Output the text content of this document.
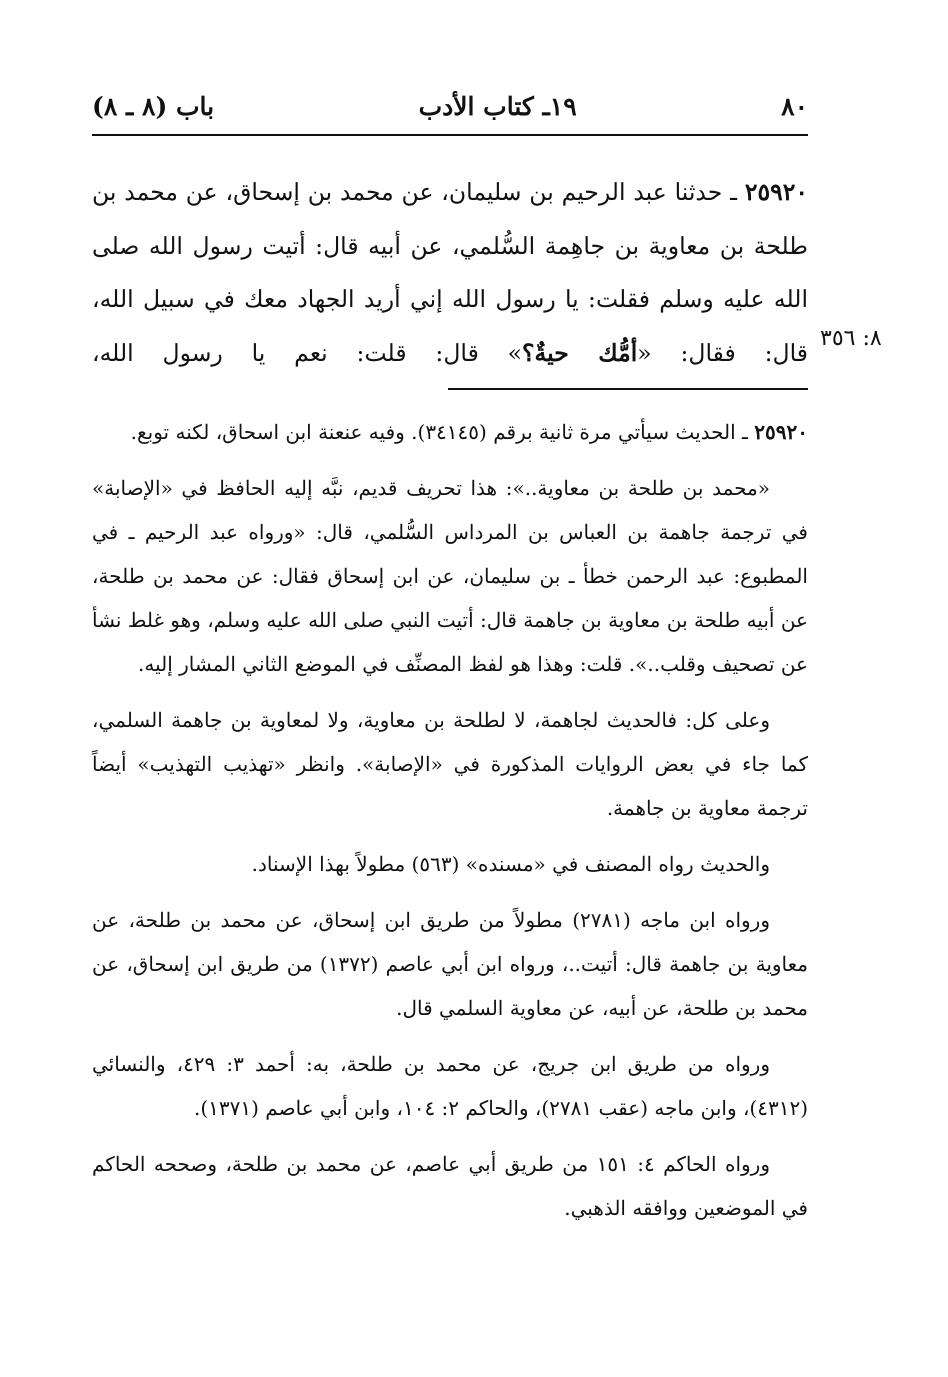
٨٠
١٩ـ كتاب الأدب
باب (٨ ـ ٨)

٢٥٩٢٠ ـ حدثنا عبد الرحيم بن سليمان، عن محمد بن إسحاق، عن محمد بن طلحة بن معاوية بن جاهِمة السُّلمي، عن أبيه قال: أتيت رسول الله صلى الله عليه وسلم فقلت: يا رسول الله إني أريد الجهاد معك في سبيل الله، قال: فقال: «أمُّك حيةٌ؟» قال: قلت: نعم يا رسول الله،	٨: ٣٥٦

٢٥٩٢٠ ـ الحديث سيأتي مرة ثانية برقم (٣٤١٤٥). وفيه عنعنة ابن اسحاق، لكنه توبع.

«محمد بن طلحة بن معاوية..»: هذا تحريف قديم، نبَّه إليه الحافظ في «الإصابة» في ترجمة جاهمة بن العباس بن المرداس السُّلمي، قال: «ورواه عبد الرحيم ـ في المطبوع: عبد الرحمن خطأ ـ بن سليمان، عن ابن إسحاق فقال: عن محمد بن طلحة، عن أبيه طلحة بن معاوية بن جاهمة قال: أتيت النبي صلى الله عليه وسلم، وهو غلط نشأ عن تصحيف وقلب..». قلت: وهذا هو لفظ المصنِّف في الموضع الثاني المشار إليه.

وعلى كل: فالحديث لجاهمة، لا لطلحة بن معاوية، ولا لمعاوية بن جاهمة السلمي، كما جاء في بعض الروايات المذكورة في «الإصابة». وانظر «تهذيب التهذيب» أيضاً ترجمة معاوية بن جاهمة.

والحديث رواه المصنف في «مسنده» (٥٦٣) مطولاً بهذا الإسناد.

ورواه ابن ماجه (٢٧٨١) مطولاً من طريق ابن إسحاق، عن محمد بن طلحة، عن معاوية بن جاهمة قال: أتيت..، ورواه ابن أبي عاصم (١٣٧٢) من طريق ابن إسحاق، عن محمد بن طلحة، عن أبيه، عن معاوية السلمي قال.

ورواه من طريق ابن جريج، عن محمد بن طلحة، به: أحمد ٣: ٤٢٩، والنسائي (٤٣١٢)، وابن ماجه (عقب ٢٧٨١)، والحاكم ٢: ١٠٤، وابن أبي عاصم (١٣٧١).

ورواه الحاكم ٤: ١٥١ من طريق أبي عاصم، عن محمد بن طلحة، وصححه الحاكم في الموضعين ووافقه الذهبي.
